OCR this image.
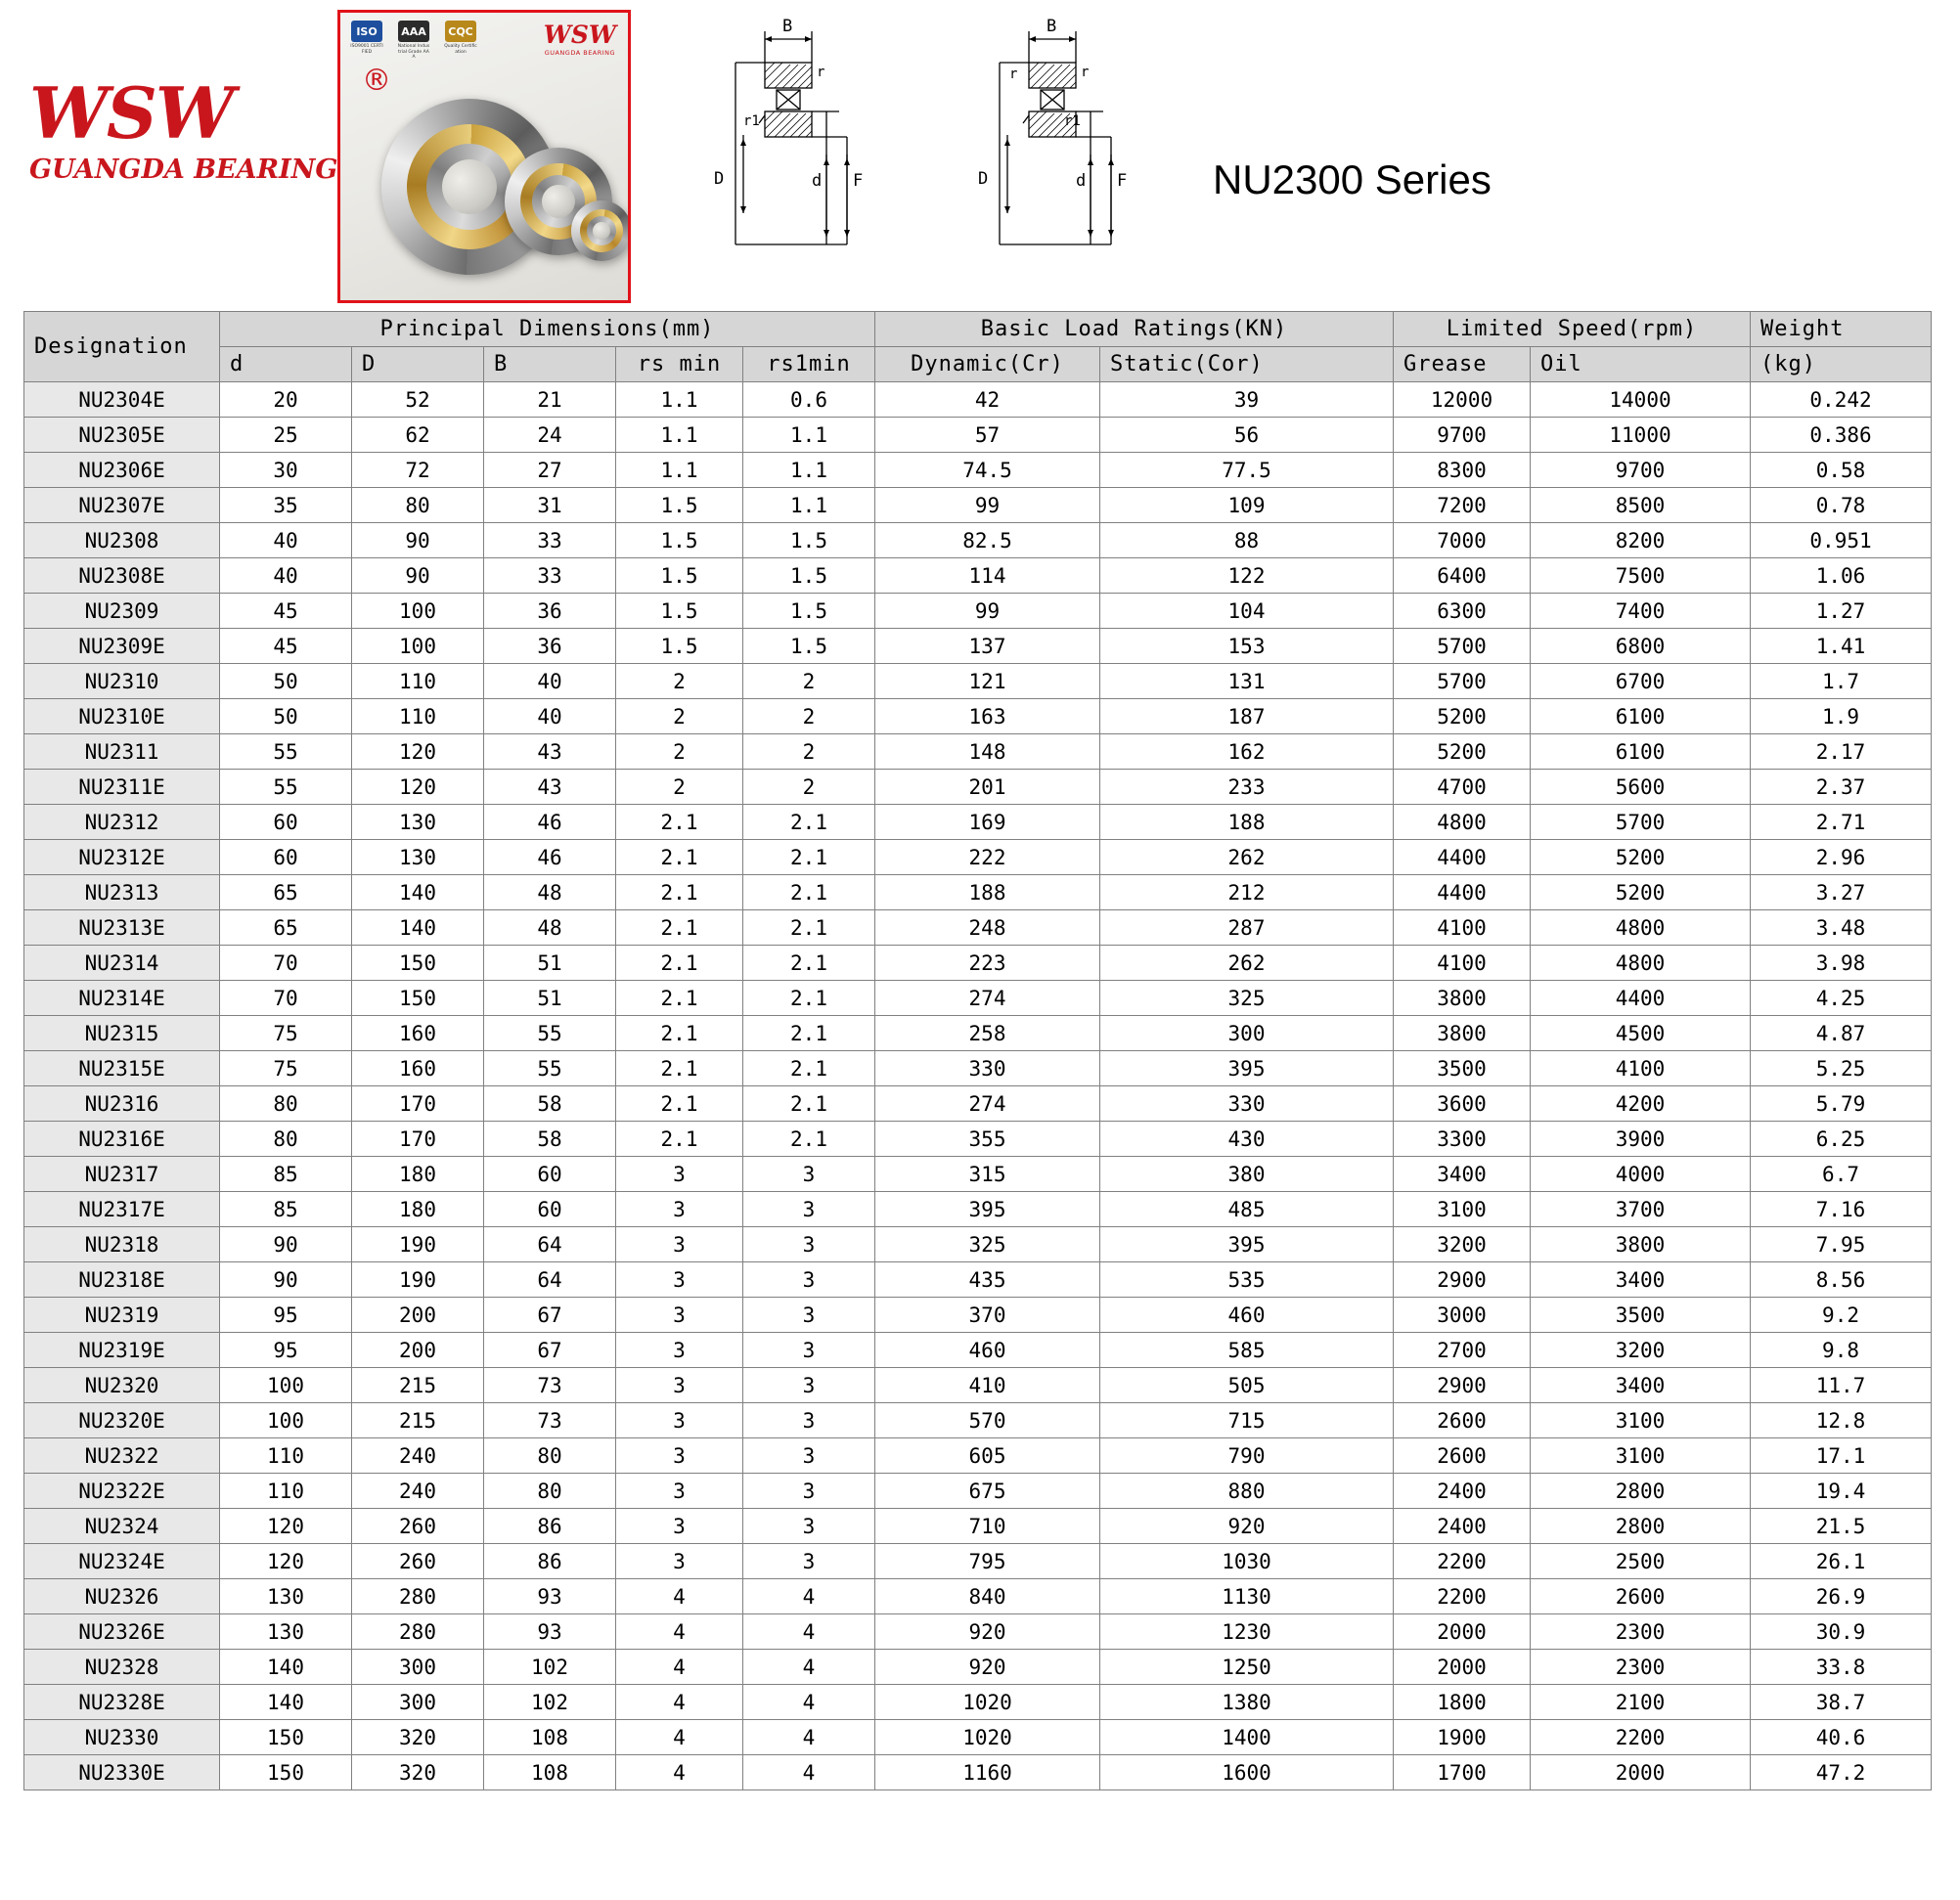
WSW
GUANGDA BEARING
ISO
ISO9001 CERTIFIED
AAA
National Industrial Grade AAA
CQC
Quality Certification
WSW
GUANGDA BEARING
®
B
r
r1
D	d F
B
r
r
r1
D	d F NU2300 Series
Designation	Principal Dimensions(mm)					Basic Load Ratings(KN)		Limited Speed(rpm)		Weight
	d	D	B	rs min	rs1min	Dynamic(Cr)	Static(Cor)	Grease	Oil	(kg)
NU2304E	20	52	21	1.1	0.6	42	39	12000	14000	0.242
NU2305E	25	62	24	1.1	1.1	57	56	9700	11000	0.386
NU2306E	30	72	27	1.1	1.1	74.5	77.5	8300	9700	0.58
NU2307E	35	80	31	1.5	1.1	99	109	7200	8500	0.78
NU2308	40	90	33	1.5	1.5	82.5	88	7000	8200	0.951
NU2308E	40	90	33	1.5	1.5	114	122	6400	7500	1.06
NU2309	45	100	36	1.5	1.5	99	104	6300	7400	1.27
NU2309E	45	100	36	1.5	1.5	137	153	5700	6800	1.41
NU2310	50	110	40	2	2	121	131	5700	6700	1.7
NU2310E	50	110	40	2	2	163	187	5200	6100	1.9
NU2311	55	120	43	2	2	148	162	5200	6100	2.17
NU2311E	55	120	43	2	2	201	233	4700	5600	2.37
NU2312	60	130	46	2.1	2.1	169	188	4800	5700	2.71
NU2312E	60	130	46	2.1	2.1	222	262	4400	5200	2.96
NU2313	65	140	48	2.1	2.1	188	212	4400	5200	3.27
NU2313E	65	140	48	2.1	2.1	248	287	4100	4800	3.48
NU2314	70	150	51	2.1	2.1	223	262	4100	4800	3.98
NU2314E	70	150	51	2.1	2.1	274	325	3800	4400	4.25
NU2315	75	160	55	2.1	2.1	258	300	3800	4500	4.87
NU2315E	75	160	55	2.1	2.1	330	395	3500	4100	5.25
NU2316	80	170	58	2.1	2.1	274	330	3600	4200	5.79
NU2316E	80	170	58	2.1	2.1	355	430	3300	3900	6.25
NU2317	85	180	60	3	3	315	380	3400	4000	6.7
NU2317E	85	180	60	3	3	395	485	3100	3700	7.16
NU2318	90	190	64	3	3	325	395	3200	3800	7.95
NU2318E	90	190	64	3	3	435	535	2900	3400	8.56
NU2319	95	200	67	3	3	370	460	3000	3500	9.2
NU2319E	95	200	67	3	3	460	585	2700	3200	9.8
NU2320	100	215	73	3	3	410	505	2900	3400	11.7
NU2320E	100	215	73	3	3	570	715	2600	3100	12.8
NU2322	110	240	80	3	3	605	790	2600	3100	17.1
NU2322E	110	240	80	3	3	675	880	2400	2800	19.4
NU2324	120	260	86	3	3	710	920	2400	2800	21.5
NU2324E	120	260	86	3	3	795	1030	2200	2500	26.1
NU2326	130	280	93	4	4	840	1130	2200	2600	26.9
NU2326E	130	280	93	4	4	920	1230	2000	2300	30.9
NU2328	140	300	102	4	4	920	1250	2000	2300	33.8
NU2328E	140	300	102	4	4	1020	1380	1800	2100	38.7
NU2330	150	320	108	4	4	1020	1400	1900	2200	40.6
NU2330E	150	320	108	4	4	1160	1600	1700	2000	47.2
